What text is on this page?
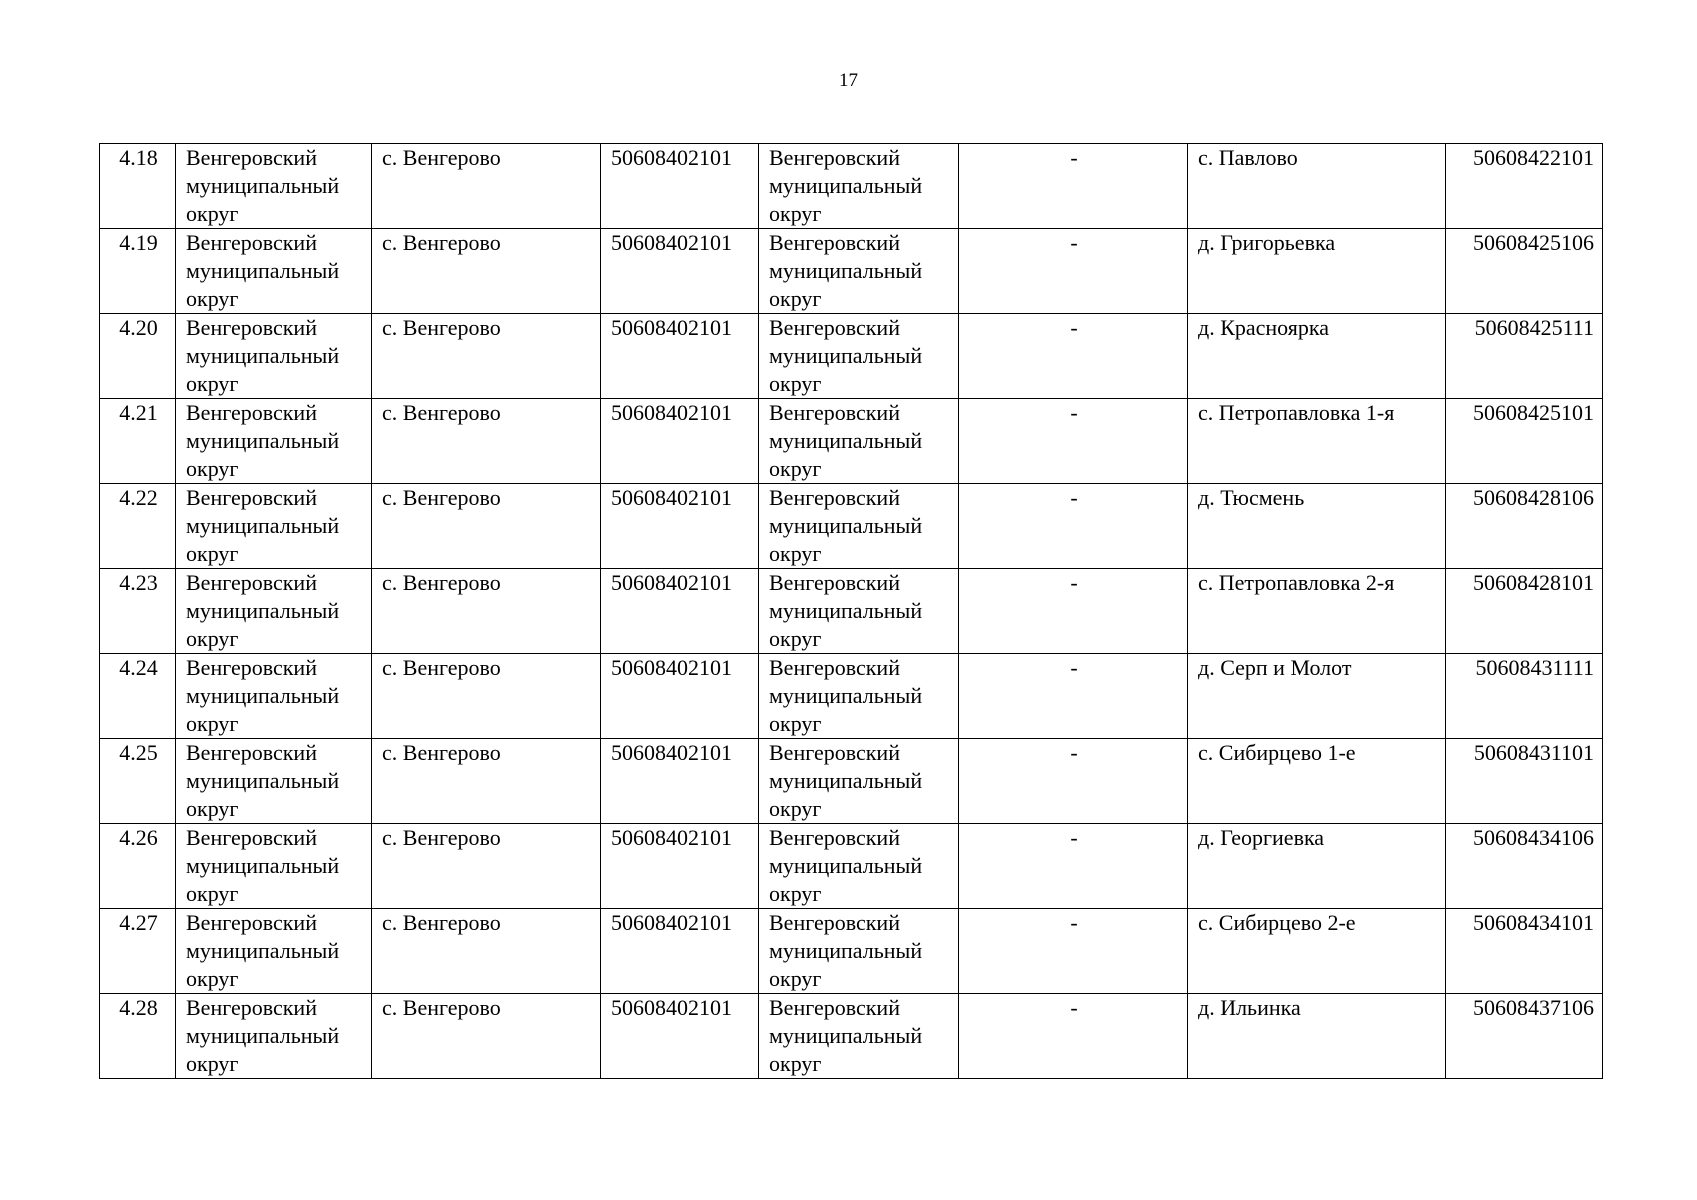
17
4.18	Венгеровский муниципальный округ	с. Венгерово	50608402101	Венгеровский муниципальный округ	-	с. Павлово	50608422101
4.19	Венгеровский муниципальный округ	с. Венгерово	50608402101	Венгеровский муниципальный округ	-	д. Григорьевка	50608425106
4.20	Венгеровский муниципальный округ	с. Венгерово	50608402101	Венгеровский муниципальный округ	-	д. Красноярка	50608425111
4.21	Венгеровский муниципальный округ	с. Венгерово	50608402101	Венгеровский муниципальный округ	-	с. Петропавловка 1-я	50608425101
4.22	Венгеровский муниципальный округ	с. Венгерово	50608402101	Венгеровский муниципальный округ	-	д. Тюсмень	50608428106
4.23	Венгеровский муниципальный округ	с. Венгерово	50608402101	Венгеровский муниципальный округ	-	с. Петропавловка 2-я	50608428101
4.24	Венгеровский муниципальный округ	с. Венгерово	50608402101	Венгеровский муниципальный округ	-	д. Серп и Молот	50608431111
4.25	Венгеровский муниципальный округ	с. Венгерово	50608402101	Венгеровский муниципальный округ	-	с. Сибирцево 1-е	50608431101
4.26	Венгеровский муниципальный округ	с. Венгерово	50608402101	Венгеровский муниципальный округ	-	д. Георгиевка	50608434106
4.27	Венгеровский муниципальный округ	с. Венгерово	50608402101	Венгеровский муниципальный округ	-	с. Сибирцево 2-е	50608434101
4.28	Венгеровский муниципальный округ	с. Венгерово	50608402101	Венгеровский муниципальный округ	-	д. Ильинка	50608437106
